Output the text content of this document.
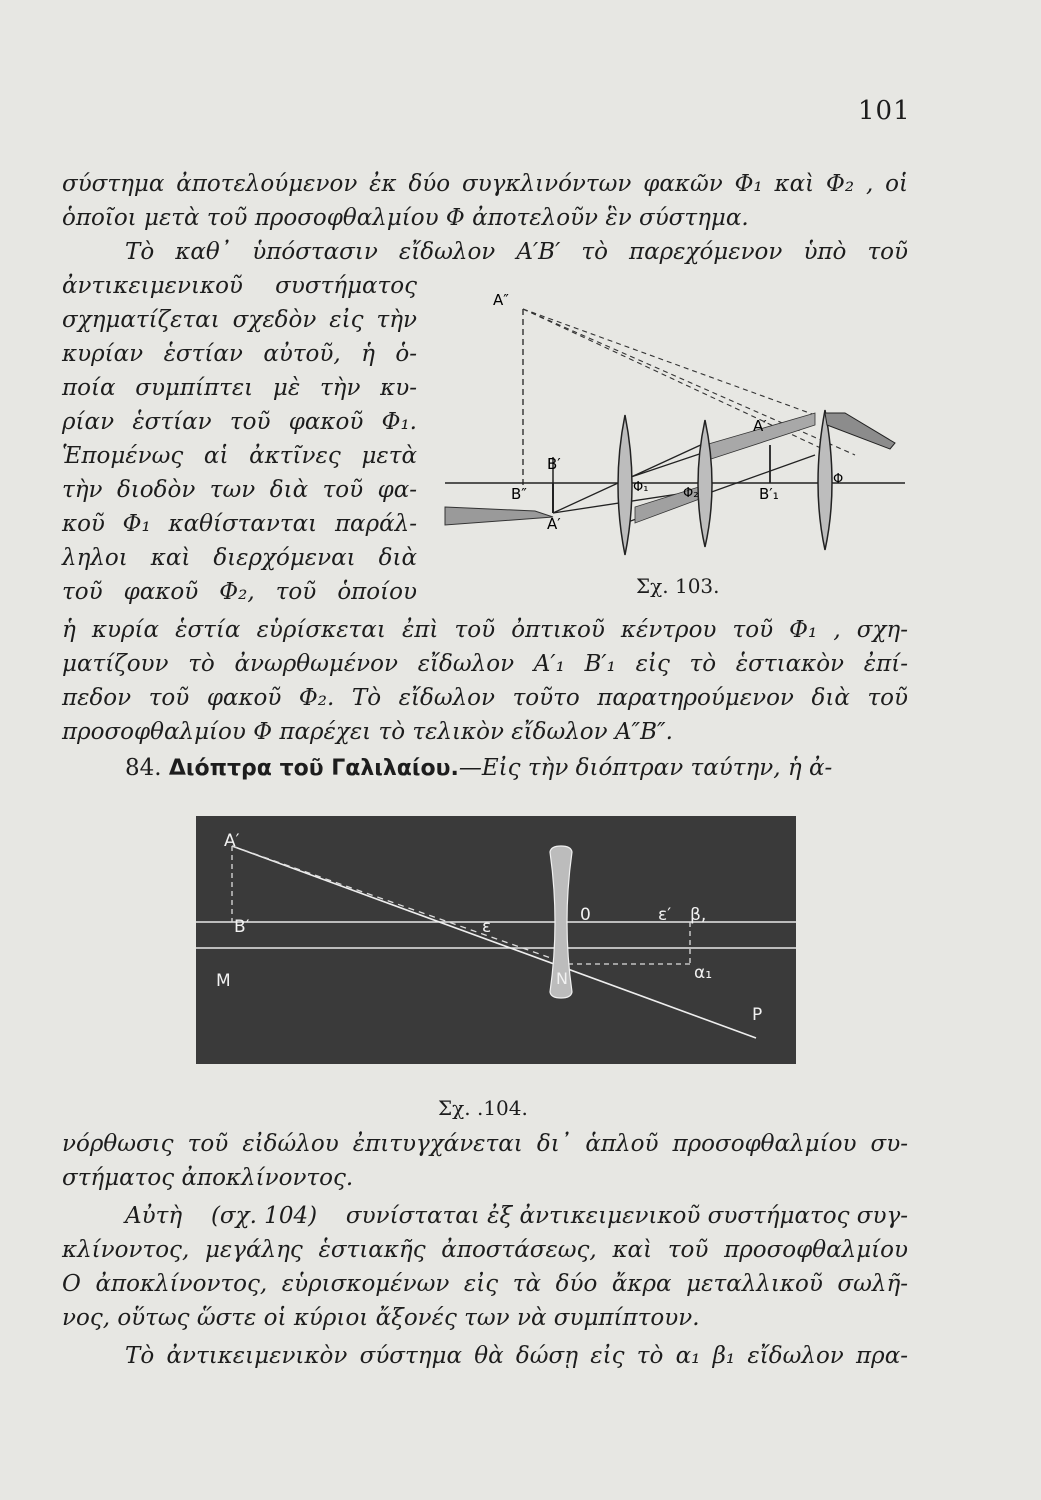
101
σύστημα ἀποτελούμενον ἐκ δύο συγκλινόντων φακῶν Φ₁ καὶ Φ₂ , οἱ
ὁποῖοι μετὰ τοῦ προσοφθαλμίου Φ ἀποτελοῦν ἓν σύστημα.
Τὸ καθ᾽ ὑπόστασιν εἴδωλον Α′Β′ τὸ παρεχόμενον ὑπὸ τοῦ
ἀντικειμενικοῦ συστήματος
σχηματίζεται σχεδὸν εἰς τὴν
κυρίαν ἑστίαν αὐτοῦ, ἡ ὁ-
ποία συμπίπτει μὲ τὴν κυ-
ρίαν ἑστίαν τοῦ φακοῦ Φ₁.
Ἑπομένως αἱ ἀκτῖνες μετὰ
τὴν διοδὸν των διὰ τοῦ φα-
κοῦ Φ₁ καθίστανται παράλ-
ληλοι καὶ διερχόμεναι διὰ
τοῦ φακοῦ Φ₂, τοῦ ὁποίου
A″
B′
B″
A′
A′
B′₁
Φ₁	Φ₂
Φ
Σχ. 103.
ἡ κυρία ἑστία εὑρίσκεται ἐπὶ τοῦ ὀπτικοῦ κέντρου τοῦ Φ₁ , σχη-
ματίζουν τὸ ἀνωρθωμένον εἴδωλον Α′₁ Β′₁ εἰς τὸ ἑστιακὸν ἐπί-
πεδον τοῦ φακοῦ Φ₂. Τὸ εἴδωλον τοῦτο παρατηρούμενον διὰ τοῦ
προσοφθαλμίου Φ παρέχει τὸ τελικὸν εἴδωλον Α″Β″.
84. Διόπτρα τοῦ Γαλιλαίου.—Εἰς τὴν διόπτραν ταύτην, ἡ ἀ-
A′
B′	ε
0	ε′ β,
N	α₁
M
P
Σχ. .104.
νόρθωσις τοῦ εἰδώλου ἐπιτυγχάνεται δι᾽ ἁπλοῦ προσοφθαλμίου συ-
στήματος ἀποκλίνοντος.
Αὐτὴ (σχ. 104) συνίσταται ἐξ ἀντικειμενικοῦ συστήματος συγ-
κλίνοντος, μεγάλης ἑστιακῆς ἀποστάσεως, καὶ τοῦ προσοφθαλμίου
Ο ἀποκλίνοντος, εὑρισκομένων εἰς τὰ δύο ἄκρα μεταλλικοῦ σωλῆ-
νος, οὕτως ὥστε οἱ κύριοι ἄξονές των νὰ συμπίπτουν.
Τὸ ἀντικειμενικὸν σύστημα θὰ δώσῃ εἰς τὸ α₁ β₁ εἴδωλον πρα-
